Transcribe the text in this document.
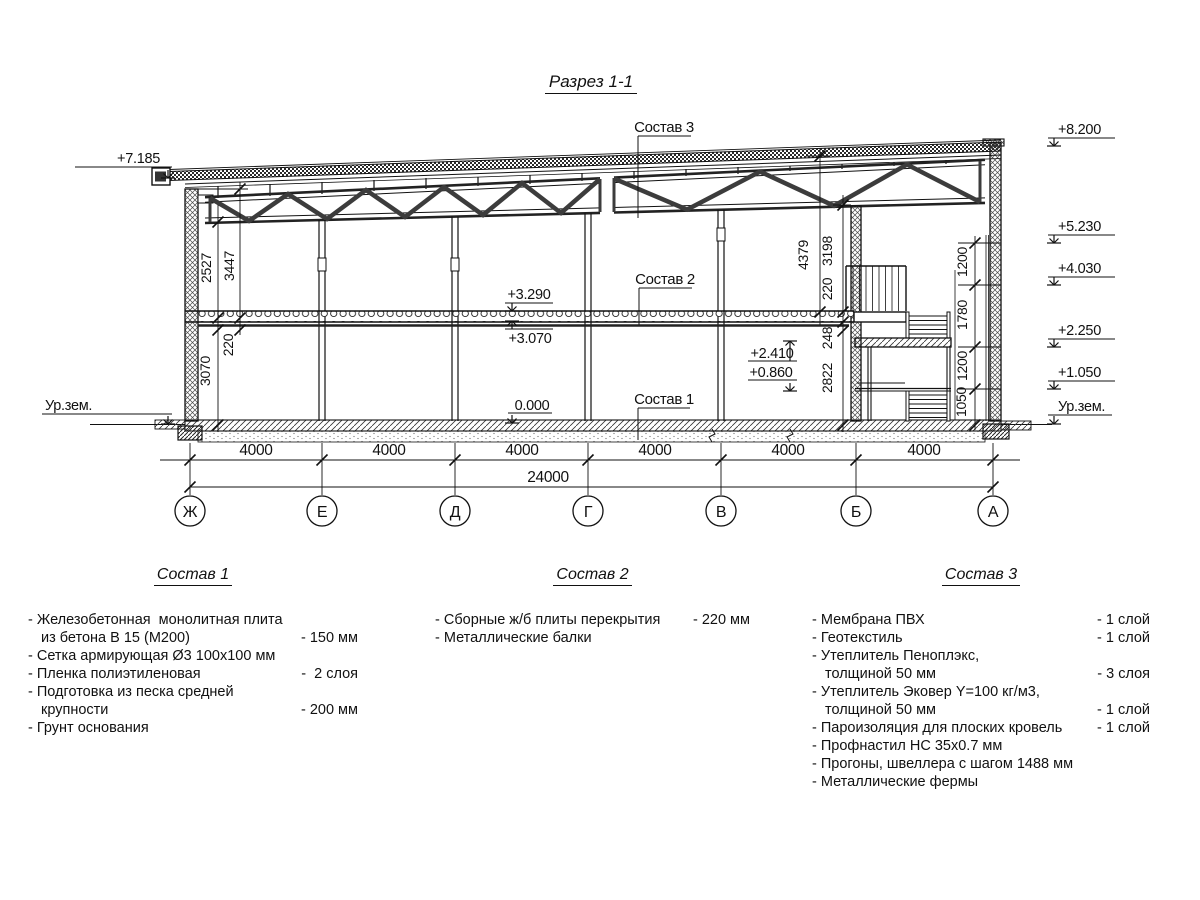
Разрез 1-1
2527 3447
220
3070
4379 3198
220
248
2822
1200
1780
1200
1050
+7.185
Ур.зем.
+8.200
+5.230
+4.030
+2.250
+1.050
Ур.зем.
+3.290
+3.070
0.000
+2.410
+0.860
Состав 3
Состав 2
Состав 1
4000	4000	4000	4000	4000	4000
24000
Ж	Е	Д	Г	В	Б	А
Состав 1
- Железобетонная  монолитная плита
из бетона В 15 (М200)	- 150 мм
- Сетка армирующая Ø3 100х100 мм
- Пленка полиэтиленовая	-  2 слоя
- Подготовка из песка средней
крупности	- 200 мм
- Грунт основания
Состав 2
- Сборные ж/б плиты перекрытия - 220 мм
- Металлические балки
Состав 3
- Мембрана ПВХ	- 1 слой
- Геотекстиль	- 1 слой
- Утеплитель Пеноплэкс,
толщиной 50 мм	- 3 слоя
- Утеплитель Эковер Y=100 кг/м3,
толщиной 50 мм	- 1 слой
- Пароизоляция для плоских кровель - 1 слой
- Профнастил НС 35х0.7 мм
- Прогоны, швеллера с шагом 1488 мм
- Металлические фермы
